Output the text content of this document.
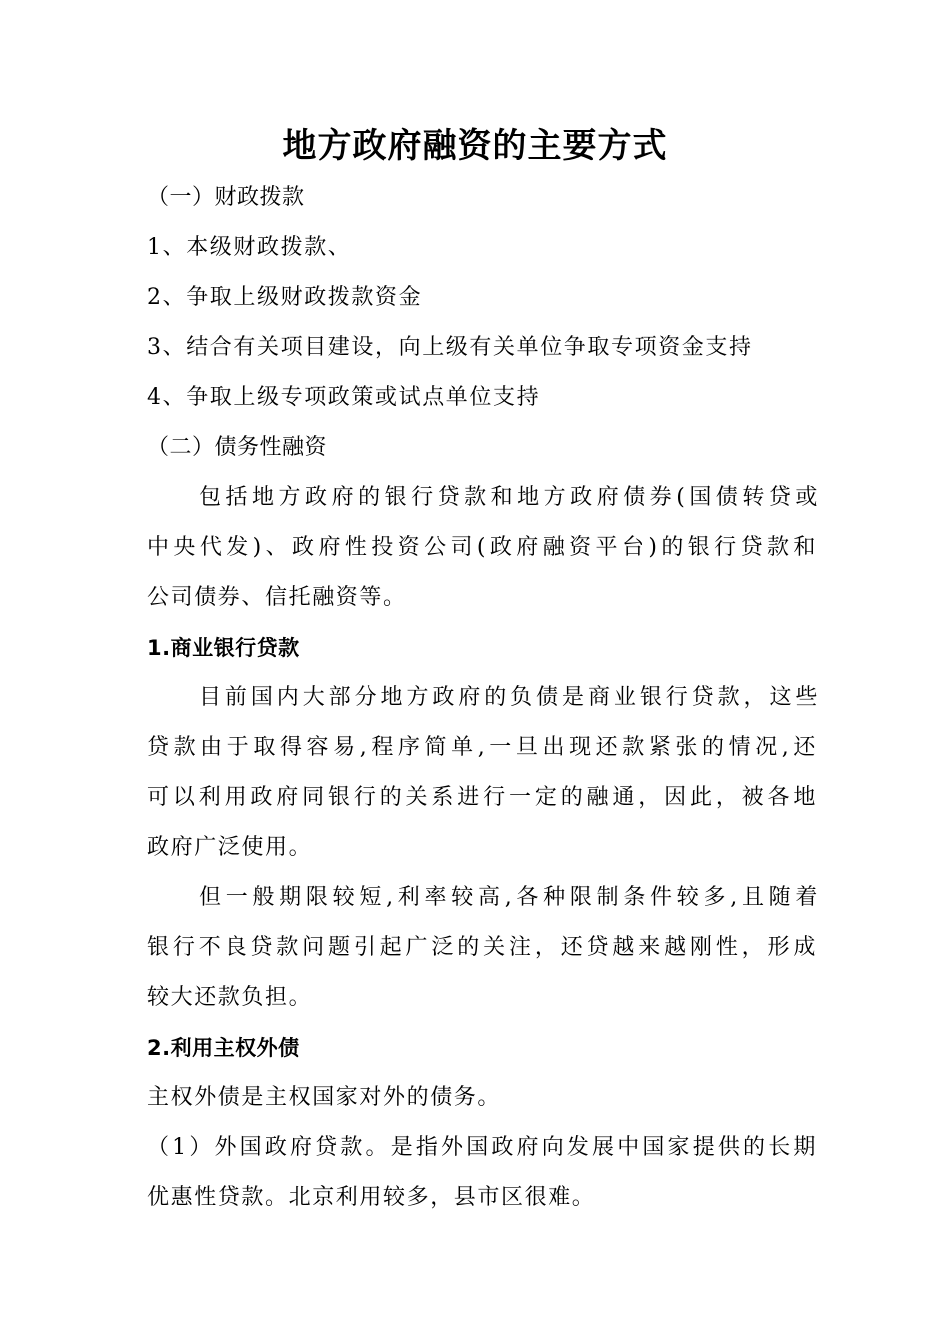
地方政府融资的主要方式
（一）财政拨款
1、本级财政拨款、
2、争取上级财政拨款资金
3、结合有关项目建设，向上级有关单位争取专项资金支持
4、争取上级专项政策或试点单位支持
（二）债务性融资
包括地方政府的银行贷款和地方政府债券(国债转贷或
中央代发)、政府性投资公司(政府融资平台)的银行贷款和
公司债券、信托融资等。
1.商业银行贷款
目前国内大部分地方政府的负债是商业银行贷款，这些
贷款由于取得容易,程序简单,一旦出现还款紧张的情况,还
可以利用政府同银行的关系进行一定的融通，因此，被各地
政府广泛使用。
但一般期限较短,利率较高,各种限制条件较多,且随着
银行不良贷款问题引起广泛的关注，还贷越来越刚性，形成
较大还款负担。
2.利用主权外债
主权外债是主权国家对外的债务。
（1）外国政府贷款。是指外国政府向发展中国家提供的长期
优惠性贷款。北京利用较多，县市区很难。
